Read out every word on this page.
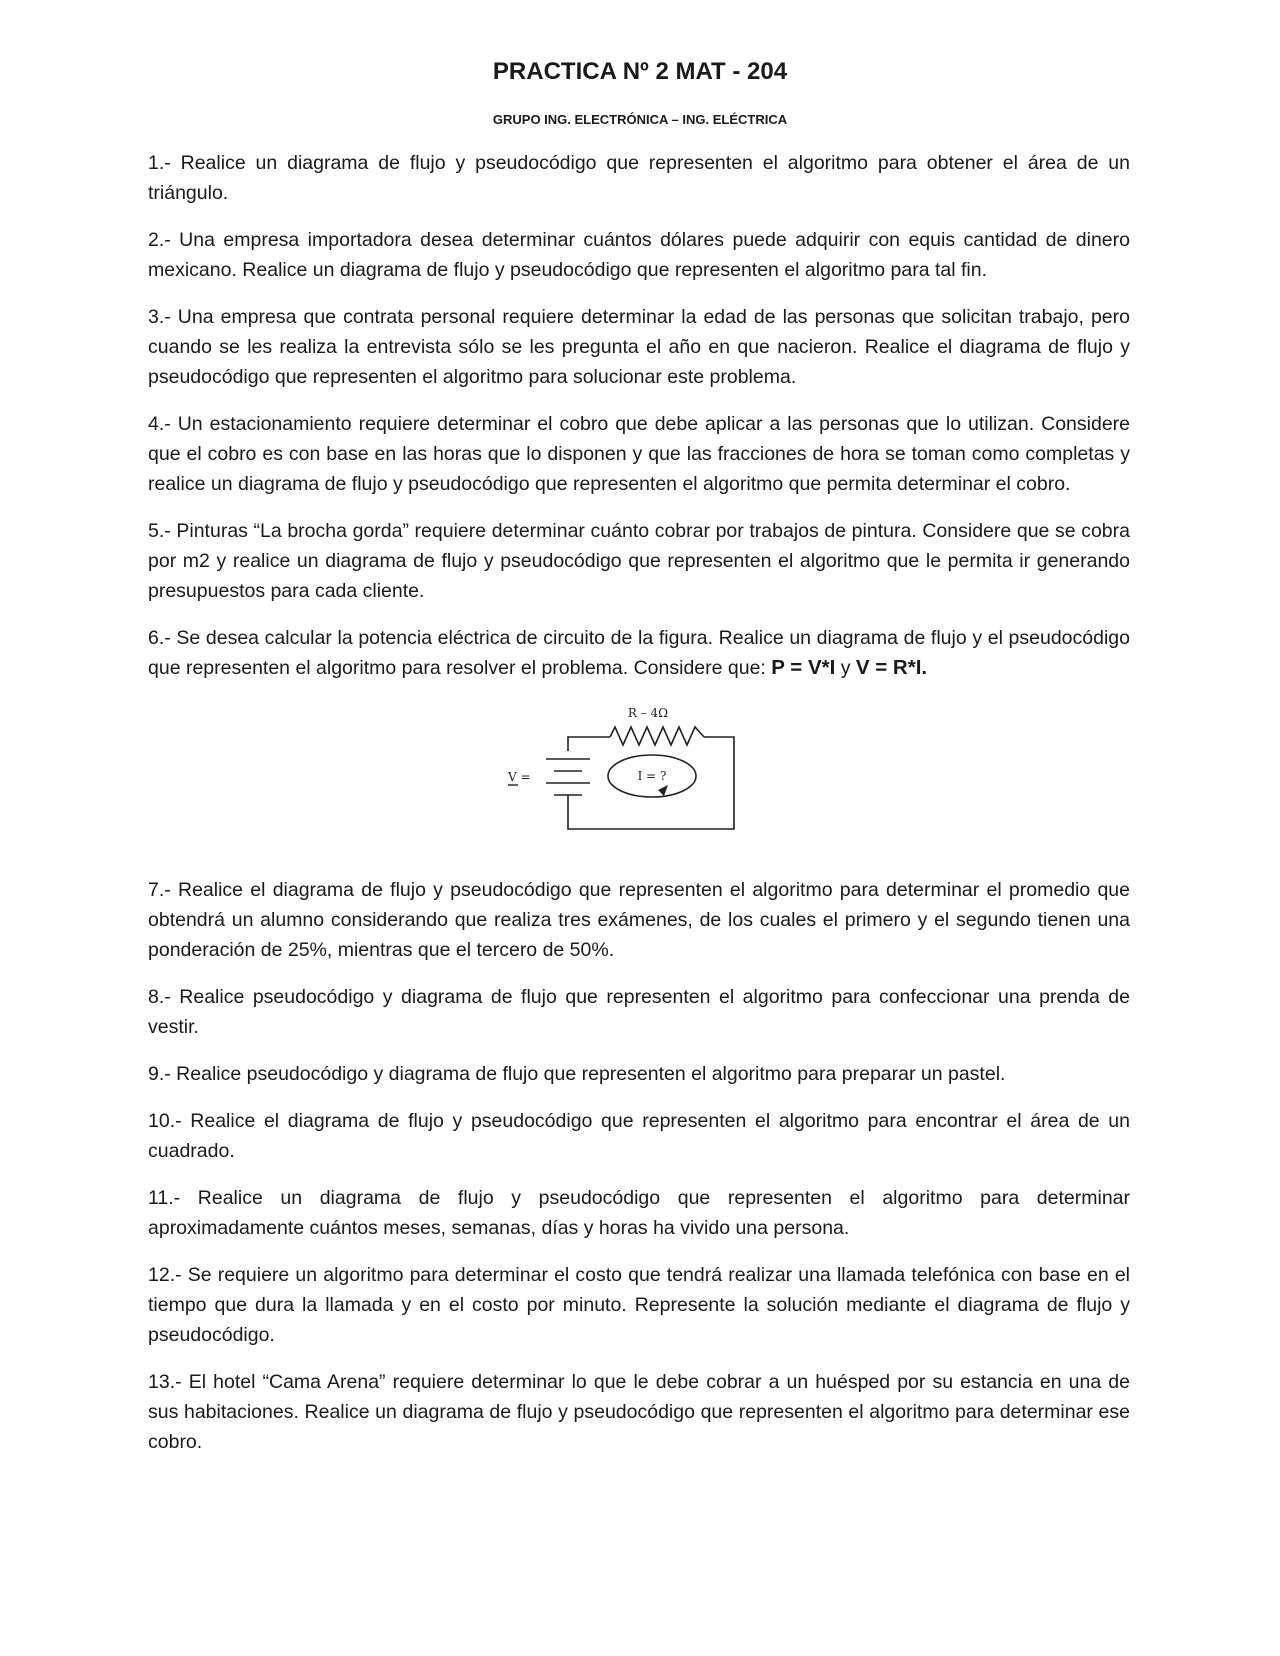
PRACTICA Nº 2 MAT - 204
GRUPO ING. ELECTRÓNICA – ING. ELÉCTRICA

1.- Realice un diagrama de flujo y pseudocódigo que representen el algoritmo para obtener el área de un triángulo.

2.- Una empresa importadora desea determinar cuántos dólares puede adquirir con equis cantidad de dinero mexicano. Realice un diagrama de flujo y pseudocódigo que representen el algoritmo para tal fin.

3.- Una empresa que contrata personal requiere determinar la edad de las personas que solicitan trabajo, pero cuando se les realiza la entrevista sólo se les pregunta el año en que nacieron. Realice el diagrama de flujo y pseudocódigo que representen el algoritmo para solucionar este problema.

4.- Un estacionamiento requiere determinar el cobro que debe aplicar a las personas que lo utilizan. Considere que el cobro es con base en las horas que lo disponen y que las fracciones de hora se toman como completas y realice un diagrama de flujo y pseudocódigo que representen el algoritmo que permita determinar el cobro.

5.- Pinturas “La brocha gorda” requiere determinar cuánto cobrar por trabajos de pintura. Considere que se cobra por m2 y realice un diagrama de flujo y pseudocódigo que representen el algoritmo que le permita ir generando presupuestos para cada cliente.

6.- Se desea calcular la potencia eléctrica de circuito de la figura. Realice un diagrama de flujo y el pseudocódigo que representen el algoritmo para resolver el problema. Considere que: P = V*I y V = R*I.

R – 4Ω
V =	I = ?

7.- Realice el diagrama de flujo y pseudocódigo que representen el algoritmo para determinar el promedio que obtendrá un alumno considerando que realiza tres exámenes, de los cuales el primero y el segundo tienen una ponderación de 25%, mientras que el tercero de 50%.

8.- Realice pseudocódigo y diagrama de flujo que representen el algoritmo para confeccionar una prenda de vestir.

9.- Realice pseudocódigo y diagrama de flujo que representen el algoritmo para preparar un pastel.

10.- Realice el diagrama de flujo y pseudocódigo que representen el algoritmo para encontrar el área de un cuadrado.

11.- Realice un diagrama de flujo y pseudocódigo que representen el algoritmo para determinar aproximadamente cuántos meses, semanas, días y horas ha vivido una persona.

12.- Se requiere un algoritmo para determinar el costo que tendrá realizar una llamada telefónica con base en el tiempo que dura la llamada y en el costo por minuto. Represente la solución mediante el diagrama de flujo y pseudocódigo.

13.- El hotel “Cama Arena” requiere determinar lo que le debe cobrar a un huésped por su estancia en una de sus habitaciones. Realice un diagrama de flujo y pseudocódigo que representen el algoritmo para determinar ese cobro.
